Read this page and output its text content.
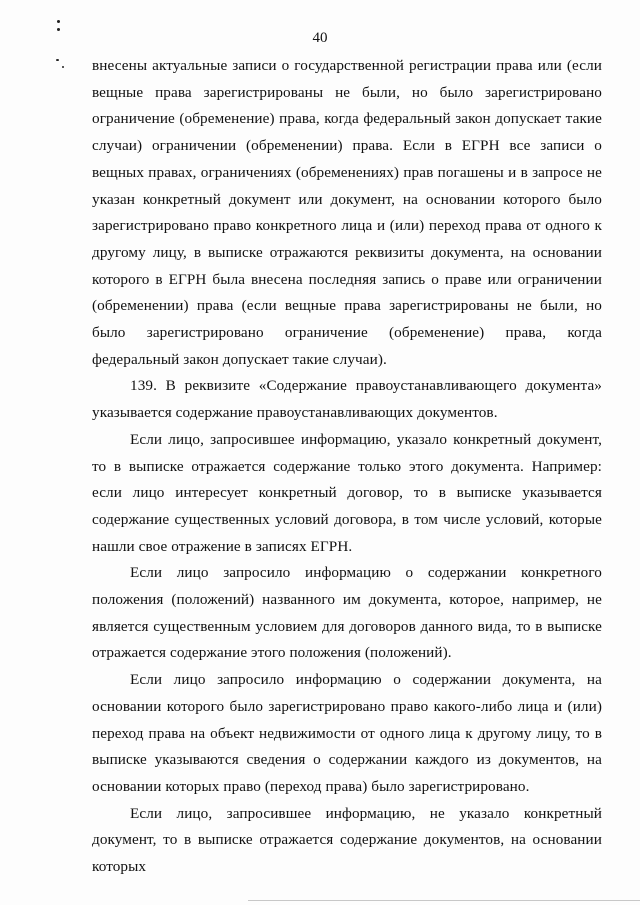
40

внесены актуальные записи о государственной регистрации права или (если вещные права зарегистрированы не были, но было зарегистрировано ограничение (обременение) права, когда федеральный закон допускает такие случаи) ограничении (обременении) права. Если в ЕГРН все записи о вещных правах, ограничениях (обременениях) прав погашены и в запросе не указан конкретный документ или документ, на основании которого было зарегистрировано право конкретного лица и (или) переход права от одного к другому лицу, в выписке отражаются реквизиты документа, на основании которого в ЕГРН была внесена последняя запись о праве или ограничении (обременении) права (если вещные права зарегистрированы не были, но было зарегистрировано ограничение (обременение) права, когда федеральный закон допускает такие случаи).

139. В реквизите «Содержание правоустанавливающего документа» указывается содержание правоустанавливающих документов.

Если лицо, запросившее информацию, указало конкретный документ, то в выписке отражается содержание только этого документа. Например: если лицо интересует конкретный договор, то в выписке указывается содержание существенных условий договора, в том числе условий, которые нашли свое отражение в записях ЕГРН.

Если лицо запросило информацию о содержании конкретного положения (положений) названного им документа, которое, например, не является существенным условием для договоров данного вида, то в выписке отражается содержание этого положения (положений).

Если лицо запросило информацию о содержании документа, на основании которого было зарегистрировано право какого-либо лица и (или) переход права на объект недвижимости от одного лица к другому лицу, то в выписке указываются сведения о содержании каждого из документов, на основании которых право (переход права) было зарегистрировано.

Если лицо, запросившее информацию, не указало конкретный документ, то в выписке отражается содержание документов, на основании которых
